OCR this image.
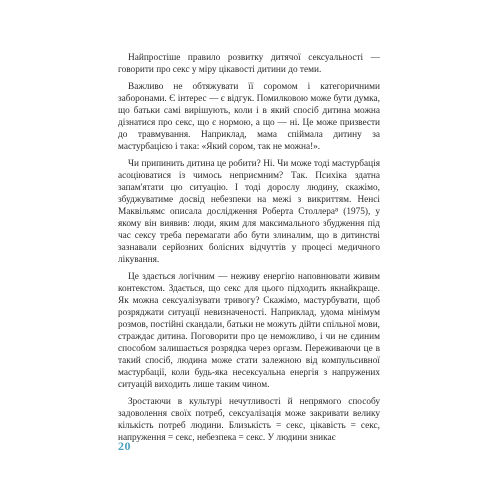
Найпростіше правило розвитку дитячої сексуальності — говорити про секс у міру цікавості дитини до теми.

Важливо не обтяжувати її соромом і категоричними заборонами. Є інтерес — є відгук. Помилковою може бути думка, що батьки самі вирішують, коли і в який спосіб дитина можна дізнатися про секс, що є нормою, а що — ні. Це може призвести до травмування. Наприклад, мама спіймала дитину за мастурбацією і така: «Який сором, так не можна!».

Чи припинить дитина це робити? Ні. Чи може тоді мастурбація асоціюватися із чимось неприємним? Так. Психіка здатна запам'ятати цю ситуацію. І тоді дорослу людину, скажімо, збуджуватиме досвід небезпеки на межі з викриттям. Ненсі Маквільямс описала дослідження Роберта Столлера⁸ (1975), у якому він виявив: люди, яким для максимального збудження під час сексу треба перемагати або бути злиналим, що в дитинстві зазнавали серйозних болісних відчуттів у процесі медичного лікування.

Це здається логічним — неживу енергію наповнювати живим контекстом. Здається, що секс для цього підходить якнайкраще. Як можна сексуалізувати тривогу? Скажімо, мастурбувати, щоб розряджати ситуації невизначеності. Наприклад, удома мінімум розмов, постійні скандали, батьки не можуть дійти спільної мови, страждає дитина. Поговорити про це неможливо, і чи не єдиним способом залишається розрядка через оргазм. Переживаючи це в такий спосіб, людина може стати залежною від компульсивної мастурбації, коли будь-яка несексуальна енергія з напружених ситуацій виходить лише таким чином.

Зростаючи в культурі нечутливості й непрямого способу задоволення своїх потреб, сексуалізація може закривати велику кількість потреб людини. Близькість = секс, цікавість = секс, напруження = секс, небезпека = секс. У людини зникає

20
